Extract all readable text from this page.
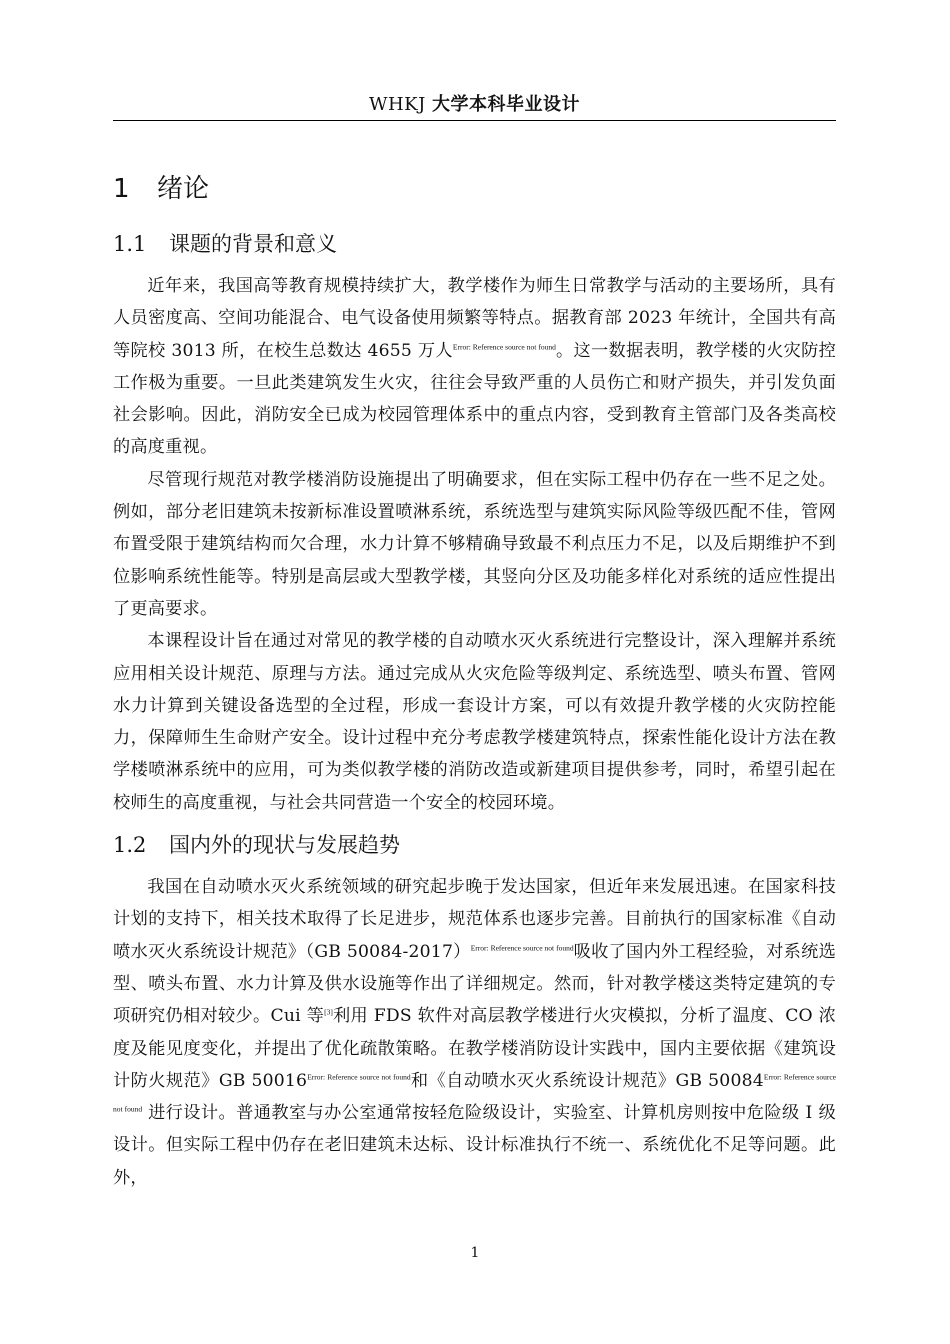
WHKJ 大学本科毕业设计
1 绪论
1.1 课题的背景和意义

近年来，我国高等教育规模持续扩大，教学楼作为师生日常教学与活动的主要场所，具有人员密度高、空间功能混合、电气设备使用频繁等特点。据教育部 2023 年统计，全国共有高等院校 3013 所，在校生总数达 4655 万人$^{Error: Reference source not found}$。这一数据表明，教学楼的火灾防控工作极为重要。一旦此类建筑发生火灾，往往会导致严重的人员伤亡和财产损失，并引发负面社会影响。因此，消防安全已成为校园管理体系中的重点内容，受到教育主管部门及各类高校的高度重视。

尽管现行规范对教学楼消防设施提出了明确要求，但在实际工程中仍存在一些不足之处。例如，部分老旧建筑未按新标准设置喷淋系统，系统选型与建筑实际风险等级匹配不佳，管网布置受限于建筑结构而欠合理，水力计算不够精确导致最不利点压力不足，以及后期维护不到位影响系统性能等。特别是高层或大型教学楼，其竖向分区及功能多样化对系统的适应性提出了更高要求。

本课程设计旨在通过对常见的教学楼的自动喷水灭火系统进行完整设计，深入理解并系统应用相关设计规范、原理与方法。通过完成从火灾危险等级判定、系统选型、喷头布置、管网水力计算到关键设备选型的全过程，形成一套设计方案，可以有效提升教学楼的火灾防控能力，保障师生生命财产安全。设计过程中充分考虑教学楼建筑特点，探索性能化设计方法在教学楼喷淋系统中的应用，可为类似教学楼的消防改造或新建项目提供参考，同时，希望引起在校师生的高度重视，与社会共同营造一个安全的校园环境。

1.2 国内外的现状与发展趋势

我国在自动喷水灭火系统领域的研究起步晚于发达国家，但近年来发展迅速。在国家科技计划的支持下，相关技术取得了长足进步，规范体系也逐步完善。目前执行的国家标准《自动喷水灭火系统设计规范》（GB 50084-2017）$^{Error: Reference source not found}$吸收了国内外工程经验，对系统选型、喷头布置、水力计算及供水设施等作出了详细规定。然而，针对教学楼这类特定建筑的专项研究仍相对较少。Cui 等[3]利用 FDS 软件对高层教学楼进行火灾模拟，分析了温度、CO 浓度及能见度变化，并提出了优化疏散策略。在教学楼消防设计实践中，国内主要依据《建筑设计防火规范》GB 50016$^{Error: Reference source not found}$和《自动喷水灭火系统设计规范》GB 50084$^{Error: Reference source not found}$ 进行设计。普通教室与办公室通常按轻危险级设计，实验室、计算机房则按中危险级 Ⅰ 级设计。但实际工程中仍存在老旧建筑未达标、设计标准执行不统一、系统优化不足等问题。此外，

1
